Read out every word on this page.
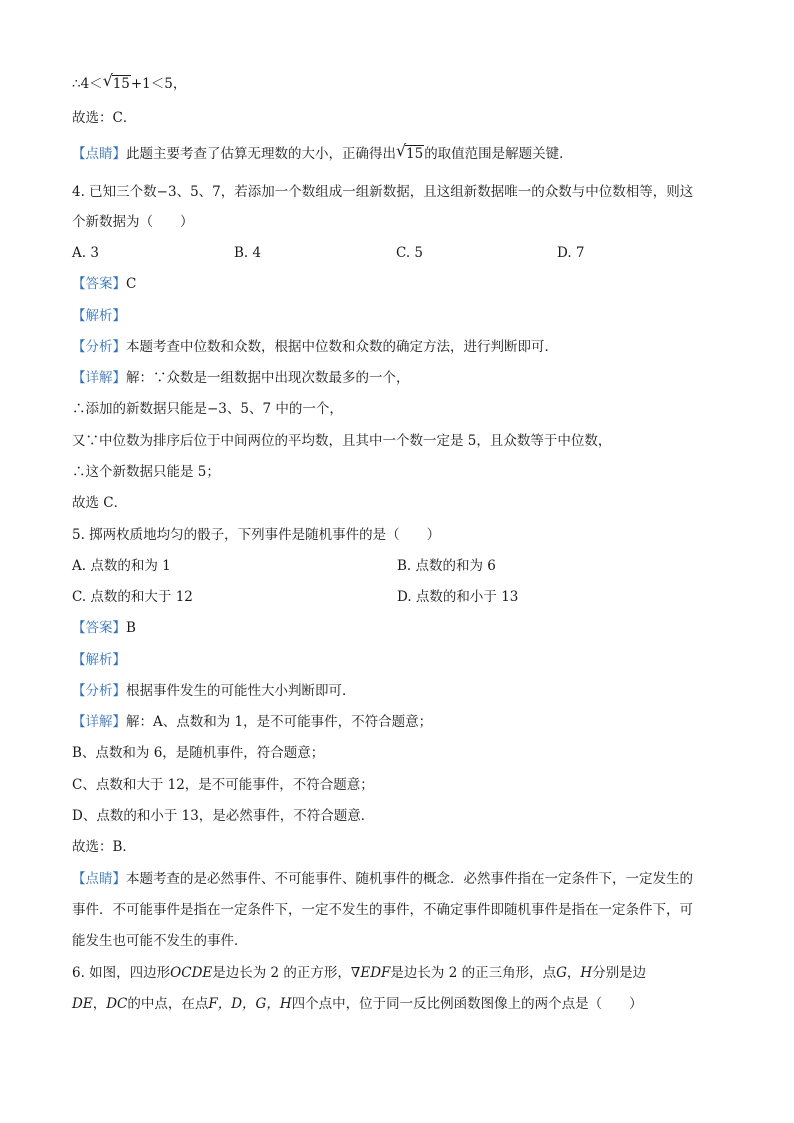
∴4＜ √ 15+1＜5，
故选：C．
【点睛】此题主要考查了估算无理数的大小，正确得出 √ 15的取值范围是解题关键．
4. 已知三个数−3、5、7，若添加一个数组成一组新数据，且这组新数据唯一的众数与中位数相等，则这
个新数据为（　　）
A. 3	B. 4	C. 5	D. 7
【答案】C
【解析】
【分析】本题考查中位数和众数，根据中位数和众数的确定方法，进行判断即可．
【详解】解：∵众数是一组数据中出现次数最多的一个，
∴添加的新数据只能是−3、5、7 中的一个，
又∵中位数为排序后位于中间两位的平均数，且其中一个数一定是 5，且众数等于中位数，
∴这个新数据只能是 5；
故选 C．
5. 掷两枚质地均匀的骰子，下列事件是随机事件的是（　　）
A. 点数的和为 1	B. 点数的和为 6
C. 点数的和大于 12	D. 点数的和小于 13
【答案】B
【解析】
【分析】根据事件发生的可能性大小判断即可．
【详解】解：A、点数和为 1，是不可能事件，不符合题意；
B、点数和为 6，是随机事件，符合题意；
C、点数和大于 12，是不可能事件，不符合题意；
D、点数的和小于 13，是必然事件，不符合题意．
故选：B．
【点睛】本题考查的是必然事件、不可能事件、随机事件的概念．必然事件指在一定条件下，一定发生的
事件．不可能事件是指在一定条件下，一定不发生的事件，不确定事件即随机事件是指在一定条件下，可
能发生也可能不发生的事件．
6. 如图，四边形OCDE是边长为 2 的正方形，∇EDF是边长为 2 的正三角形，点G，H分别是边
DE，DC的中点，在点F，D，G，H四个点中，位于同一反比例函数图像上的两个点是（　　）
